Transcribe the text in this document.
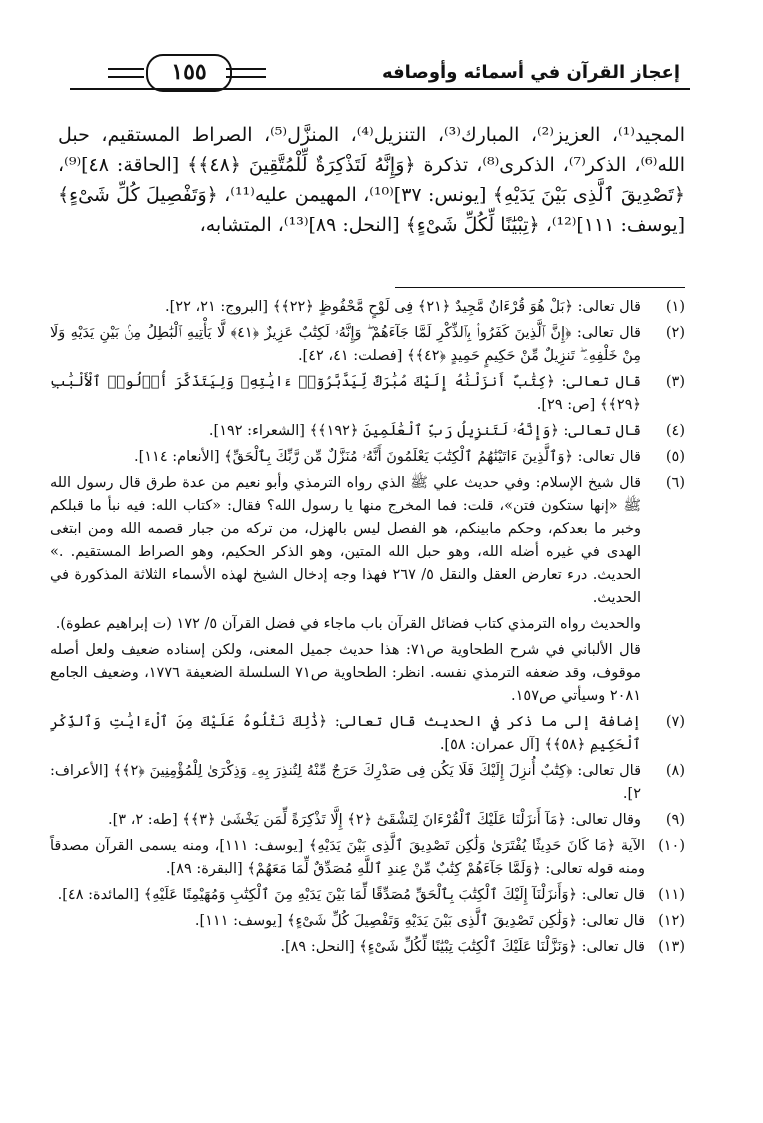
إعجاز القرآن في أسمائه وأوصافه
١٥٥

المجيد⁽¹⁾، العزيز⁽²⁾، المبارك⁽³⁾، التنزيل⁽⁴⁾، المنزَّل⁽⁵⁾، الصراط المستقيم، حبل الله⁽⁶⁾، الذكر⁽⁷⁾، الذكرى⁽⁸⁾، تذكرة ﴿وَإِنَّهُ لَتَذْكِرَةٌ لِّلْمُتَّقِينَ ﴿٤٨﴾﴾ [الحاقة: ٤٨]⁽⁹⁾، ﴿تَصْدِيقَ ٱلَّذِى بَيْنَ يَدَيْهِ﴾ [يونس: ٣٧]⁽¹⁰⁾، المهيمن عليه⁽¹¹⁾، ﴿وَتَفْصِيلَ كُلِّ شَىْءٍ﴾ [يوسف: ١١١]⁽¹²⁾، ﴿تِبْيَٰنًا لِّكُلِّ شَىْءٍ﴾ [النحل: ٨٩]⁽¹³⁾، المتشابه،

(١)
قال تعالى: ﴿بَلْ هُوَ قُرْءَانٌ مَّجِيدٌ ﴿٢١﴾ فِى لَوْحٍ مَّحْفُوظٍ ﴿٢٢﴾﴾ [البروج: ٢١، ٢٢].
(٢)
قال تعالى: ﴿إِنَّ ٱلَّذِينَ كَفَرُوا۟ بِٱلذِّكْرِ لَمَّا جَآءَهُمْ ۖ وَإِنَّهُۥ لَكِتَٰبٌ عَزِيزٌ ﴿٤١﴾ لَّا يَأْتِيهِ ٱلْبَٰطِلُ مِنۢ بَيْنِ يَدَيْهِ وَلَا مِنْ خَلْفِهِۦ ۖ تَنزِيلٌ مِّنْ حَكِيمٍ حَمِيدٍ ﴿٤٢﴾﴾ [فصلت: ٤١، ٤٢].
(٣)
قال تعالى: ﴿كِتَٰبٌ أَنزَلْنَٰهُ إِلَيْكَ مُبَٰرَكٌ لِّيَدَّبَّرُوٓا۟ ءَايَٰتِهِۦ وَلِيَتَذَكَّرَ أُو۟لُوا۟ ٱلْأَلْبَٰبِ ﴿٢٩﴾﴾ [ص: ٢٩].
(٤)
قال تعالى: ﴿وَإِنَّهُۥ لَتَنزِيلُ رَبِّ ٱلْعَٰلَمِينَ ﴿١٩٢﴾﴾ [الشعراء: ١٩٢].
(٥)
قال تعالى: ﴿وَٱلَّذِينَ ءَاتَيْنَٰهُمُ ٱلْكِتَٰبَ يَعْلَمُونَ أَنَّهُۥ مُنَزَّلٌ مِّن رَّبِّكَ بِٱلْحَقِّ﴾ [الأنعام: ١١٤].
(٦)
قال شيخ الإسلام: وفي حديث علي ﷺ الذي رواه الترمذي وأبو نعيم من عدة طرق قال رسول الله ﷺ «إنها ستكون فتن»، قلت: فما المخرج منها يا رسول الله؟ فقال: «كتاب الله: فيه نبأ ما قبلكم وخبر ما بعدكم، وحكم مابينكم، هو الفصل ليس بالهزل، من تركه من جبار قصمه الله ومن ابتغى الهدى في غيره أضله الله، وهو حبل الله المتين، وهو الذكر الحكيم، وهو الصراط المستقيم. .» الحديث. درء تعارض العقل والنقل ٥/ ٢٦٧ فهذا وجه إدخال الشيخ لهذه الأسماء الثلاثة المذكورة في الحديث.
والحديث رواه الترمذي كتاب فضائل القرآن باب ماجاء في فضل القرآن ٥/ ١٧٢ (ت إبراهيم عطوة).
قال الألباني في شرح الطحاوية ص٧١: هذا حديث جميل المعنى، ولكن إسناده ضعيف ولعل أصله موقوف، وقد ضعفه الترمذي نفسه. انظر: الطحاوية ص٧١ السلسلة الضعيفة ١٧٧٦، وضعيف الجامع ٢٠٨١ وسيأتي ص١٥٧.
(٧)
إضافة إلى ما ذكر في الحديث قال تعالى: ﴿ذَٰلِكَ نَتْلُوهُ عَلَيْكَ مِنَ ٱلْءَايَٰتِ وَٱلذِّكْرِ ٱلْحَكِيمِ ﴿٥٨﴾﴾ [آل عمران: ٥٨].
(٨)
قال تعالى: ﴿كِتَٰبٌ أُنزِلَ إِلَيْكَ فَلَا يَكُن فِى صَدْرِكَ حَرَجٌ مِّنْهُ لِتُنذِرَ بِهِۦ وَذِكْرَىٰ لِلْمُؤْمِنِينَ ﴿٢﴾﴾ [الأعراف: ٢].
(٩)
وقال تعالى: ﴿مَآ أَنزَلْنَا عَلَيْكَ ٱلْقُرْءَانَ لِتَشْقَىٰٓ ﴿٢﴾ إِلَّا تَذْكِرَةً لِّمَن يَخْشَىٰ ﴿٣﴾﴾ [طه: ٢، ٣].
(١٠)
الآية ﴿مَا كَانَ حَدِيثًا يُفْتَرَىٰ وَلَٰكِن تَصْدِيقَ ٱلَّذِى بَيْنَ يَدَيْهِ﴾ [يوسف: ١١١]، ومنه يسمى القرآن مصدقاً ومنه قوله تعالى: ﴿وَلَمَّا جَآءَهُمْ كِتَٰبٌ مِّنْ عِندِ ٱللَّهِ مُصَدِّقٌ لِّمَا مَعَهُمْ﴾ [البقرة: ٨٩].
(١١)
قال تعالى: ﴿وَأَنزَلْنَآ إِلَيْكَ ٱلْكِتَٰبَ بِٱلْحَقِّ مُصَدِّقًا لِّمَا بَيْنَ يَدَيْهِ مِنَ ٱلْكِتَٰبِ وَمُهَيْمِنًا عَلَيْهِ﴾ [المائدة: ٤٨].
(١٢)
قال تعالى: ﴿وَلَٰكِن تَصْدِيقَ ٱلَّذِى بَيْنَ يَدَيْهِ وَتَفْصِيلَ كُلِّ شَىْءٍ﴾ [يوسف: ١١١].
(١٣)
قال تعالى: ﴿وَنَزَّلْنَا عَلَيْكَ ٱلْكِتَٰبَ تِبْيَٰنًا لِّكُلِّ شَىْءٍ﴾ [النحل: ٨٩].
